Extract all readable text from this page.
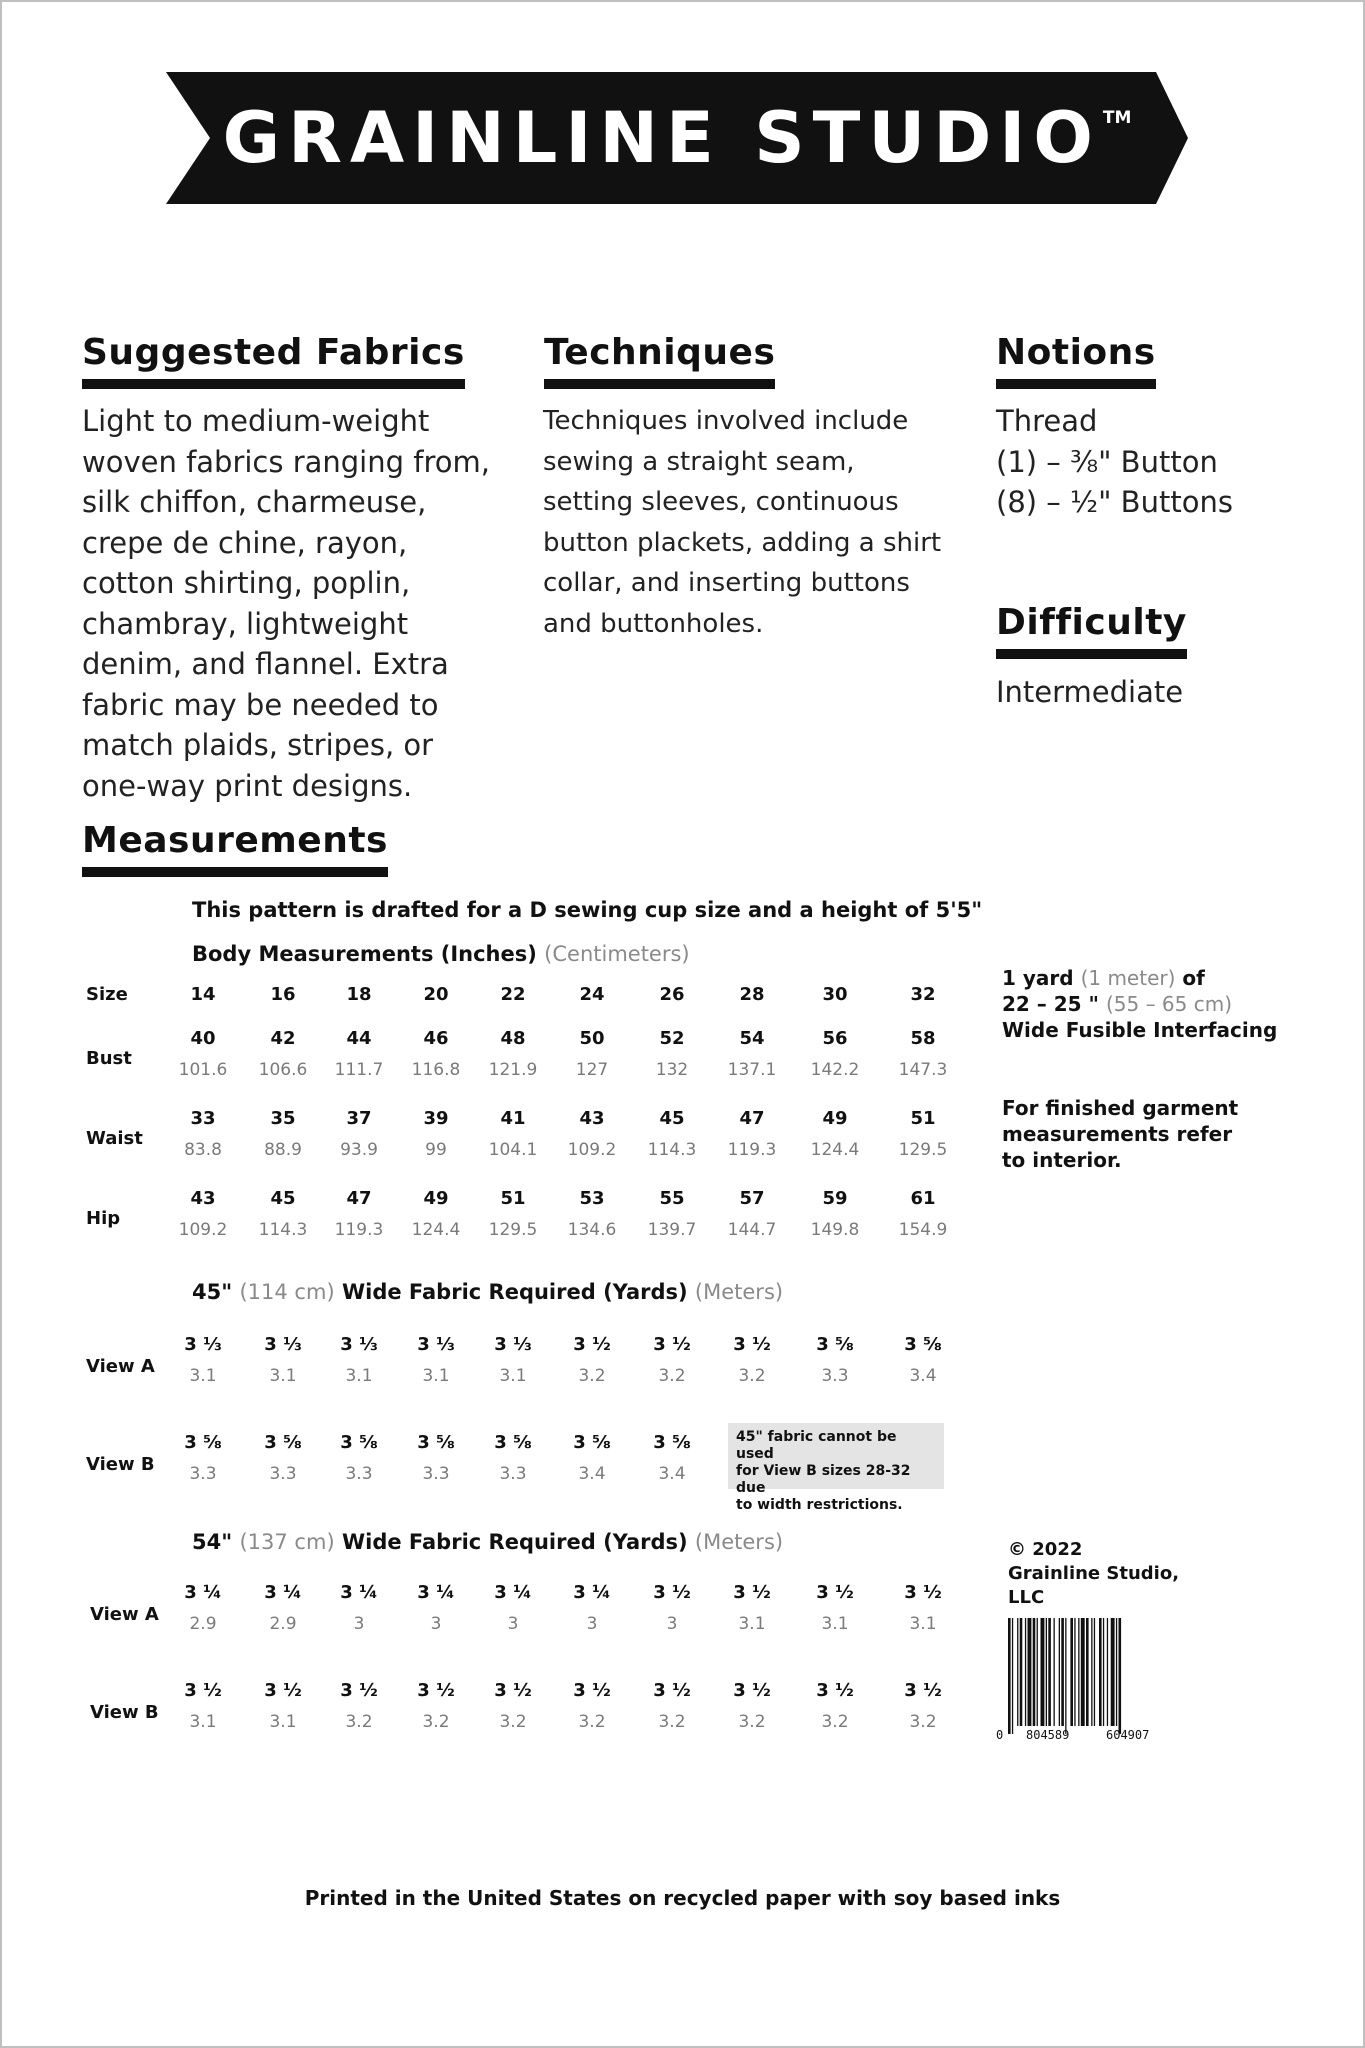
GRAINLINE STUDIO TM
Suggested Fabrics
Light to medium-weight
woven fabrics ranging from,
silk chiffon, charmeuse,
crepe de chine, rayon,
cotton shirting, poplin,
chambray, lightweight
denim, and flannel. Extra
fabric may be needed to
match plaids, stripes, or
one-way print designs.
Techniques
Techniques involved include
sewing a straight seam,
setting sleeves, continuous
button plackets, adding a shirt
collar, and inserting buttons
and buttonholes.
Notions
Thread
(1) – ⅜" Button
(8) – ½" Buttons
Difficulty
Intermediate
Measurements
This pattern is drafted for a D sewing cup size and a height of 5'5"
Body Measurements (Inches) (Centimeters)
Size	14	16	18	20	22	24	26	28	30	32
Bust
40	42	44	46	48	50	52	54	56	58
101.6	106.6	111.7	116.8	121.9	127	132	137.1	142.2	147.3
Waist
33	35	37	39	41	43	45	47	49	51
83.8	88.9	93.9	99	104.1	109.2	114.3	119.3	124.4	129.5
Hip
43	45	47	49	51	53	55	57	59	61
109.2	114.3	119.3	124.4	129.5	134.6	139.7	144.7	149.8	154.9
45" (114 cm) Wide Fabric Required (Yards) (Meters)
View A
3 ⅓	3 ⅓	3 ⅓	3 ⅓	3 ⅓	3 ½	3 ½	3 ½	3 ⅝	3 ⅝
3.1	3.1	3.1	3.1	3.1	3.2	3.2	3.2	3.3	3.4
View B
3 ⅝	3 ⅝	3 ⅝	3 ⅝	3 ⅝	3 ⅝	3 ⅝
3.3	3.3	3.3	3.3	3.3	3.4	3.4
45" fabric cannot be used
for View B sizes 28-32 due
to width restrictions.
54" (137 cm) Wide Fabric Required (Yards) (Meters)
View A
3 ¼	3 ¼	3 ¼	3 ¼	3 ¼	3 ¼	3 ½	3 ½	3 ½	3 ½
2.9	2.9	3	3	3	3	3	3.1	3.1	3.1
View B
3 ½	3 ½	3 ½	3 ½	3 ½	3 ½	3 ½	3 ½	3 ½	3 ½
3.1	3.1	3.2	3.2	3.2	3.2	3.2	3.2	3.2	3.2
1 yard (1 meter) of
22 – 25 " (55 – 65 cm)
Wide Fusible Interfacing
For finished garment
measurements refer
to interior.
© 2022
Grainline Studio,
LLC
0 804589	604907
Printed in the United States on recycled paper with soy based inks
